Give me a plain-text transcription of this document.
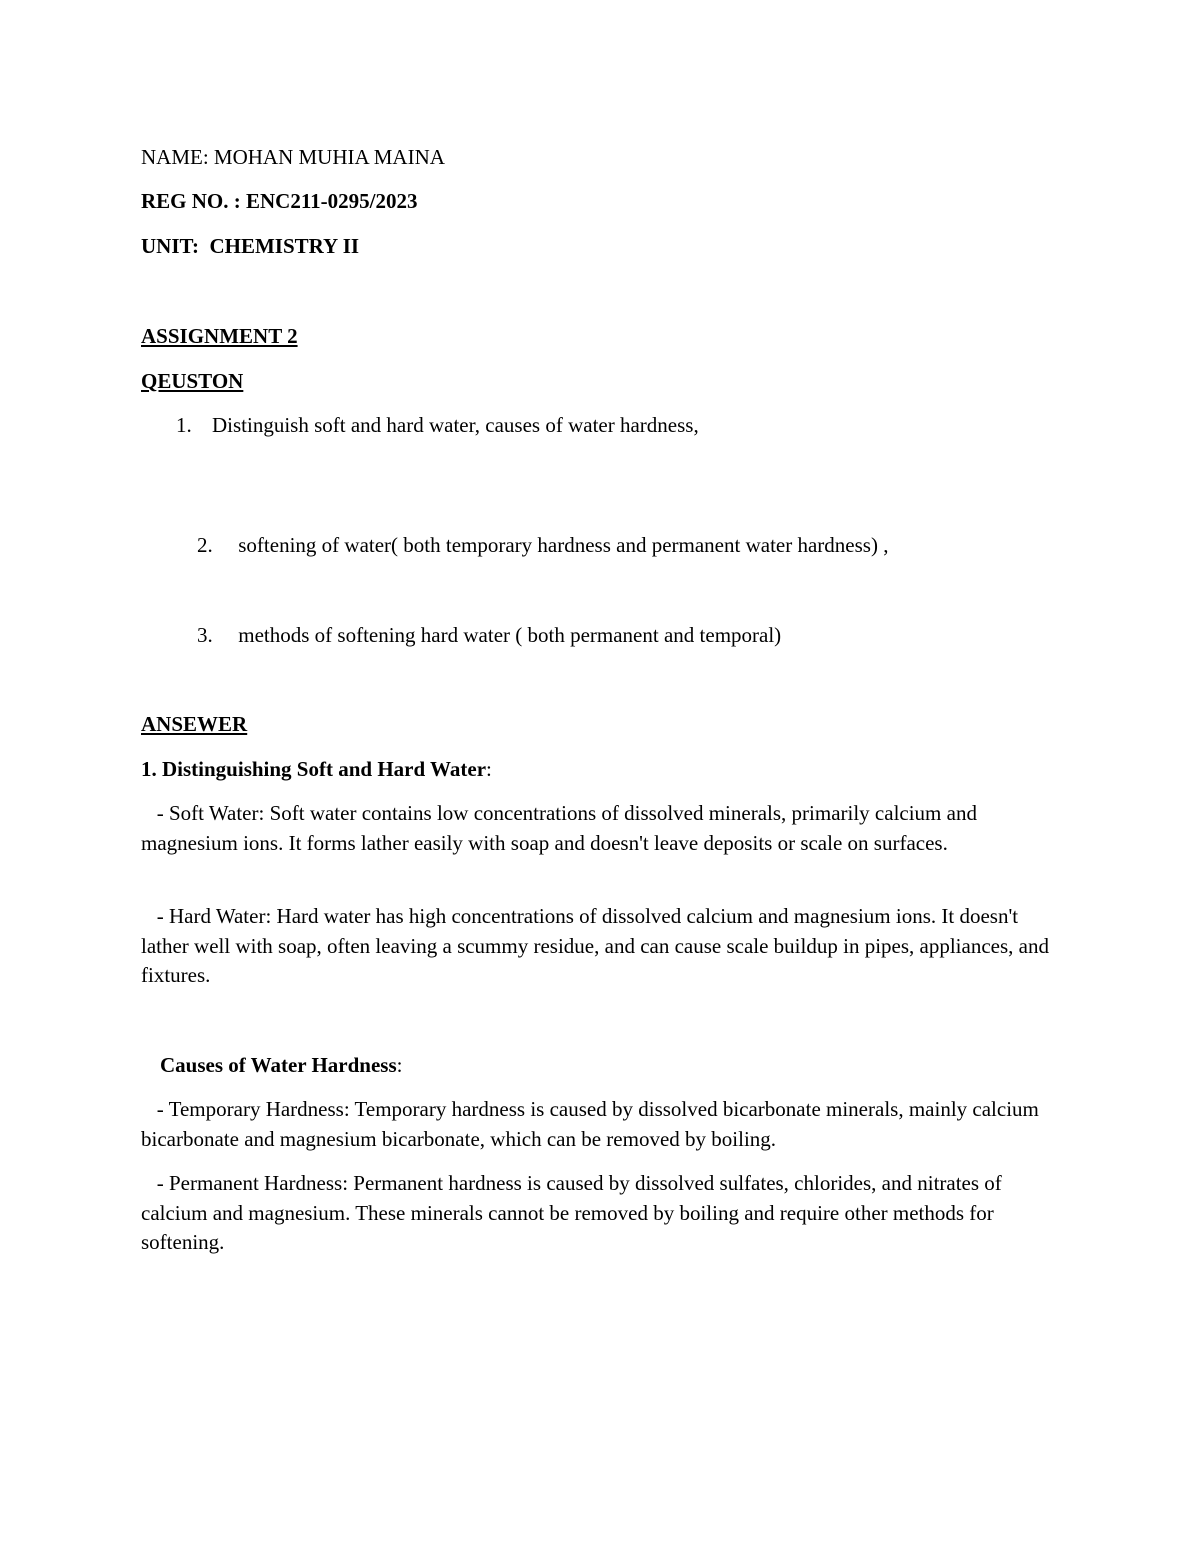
NAME: MOHAN MUHIA MAINA
REG NO. : ENC211-0295/2023
UNIT:  CHEMISTRY II
ASSIGNMENT 2
QEUSTON
1. Distinguish soft and hard water, causes of water hardness,

2. softening of water( both temporary hardness and permanent water hardness) ,

3. methods of softening hard water ( both permanent and temporal)

ANSEWER
1. Distinguishing Soft and Hard Water:
- Soft Water: Soft water contains low concentrations of dissolved minerals, primarily calcium and magnesium ions. It forms lather easily with soap and doesn't leave deposits or scale on surfaces.
- Hard Water: Hard water has high concentrations of dissolved calcium and magnesium ions. It doesn't lather well with soap, often leaving a scummy residue, and can cause scale buildup in pipes, appliances, and fixtures.
Causes of Water Hardness:
- Temporary Hardness: Temporary hardness is caused by dissolved bicarbonate minerals, mainly calcium bicarbonate and magnesium bicarbonate, which can be removed by boiling.
- Permanent Hardness: Permanent hardness is caused by dissolved sulfates, chlorides, and nitrates of calcium and magnesium. These minerals cannot be removed by boiling and require other methods for softening.
